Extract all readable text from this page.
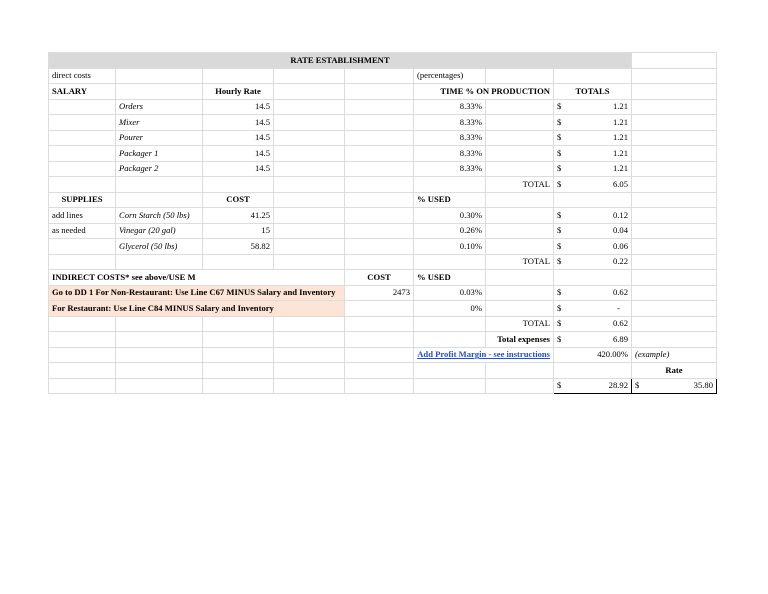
RATE ESTABLISHMENT								
direct costs					(percentages)			
SALARY		Hourly Rate			TIME % ON PRODUCTION		TOTALS	
	Orders	14.5			8.33%		$ 1.21	

	Mixer	14.5			8.33%		$ 1.21	

	Pourer	14.5			8.33%		$ 1.21	

	Packager 1	14.5			8.33%		$ 1.21	

	Packager 2	14.5			8.33%		$ 1.21	

						TOTAL	$ 6.05	

SUPPLIES		COST			% USED			
add lines	Corn Starch (50 lbs)	41.25			0.30%		$ 0.12	

as needed	Vinegar (20 gal)	15			0.26%		$ 0.04	

	Glycerol (50 lbs)	58.82			0.10%		$ 0.06	

						TOTAL	$ 0.22	

INDIRECT COSTS* see above/USE M				COST	% USED			
Go to DD 1 For Non-Restaurant: Use Line C67 MINUS Salary and Inventory				2473	0.03%		$ 0.62	

For Restaurant: Use Line C84 MINUS Salary and Inventory					0%		$ -	

						TOTAL	$ 0.62	

						Total expenses	$ 6.89	

					Add Profit Margin - see instructions		420.00%	(example)
								Rate
							$ 28.92	$ 35.80
